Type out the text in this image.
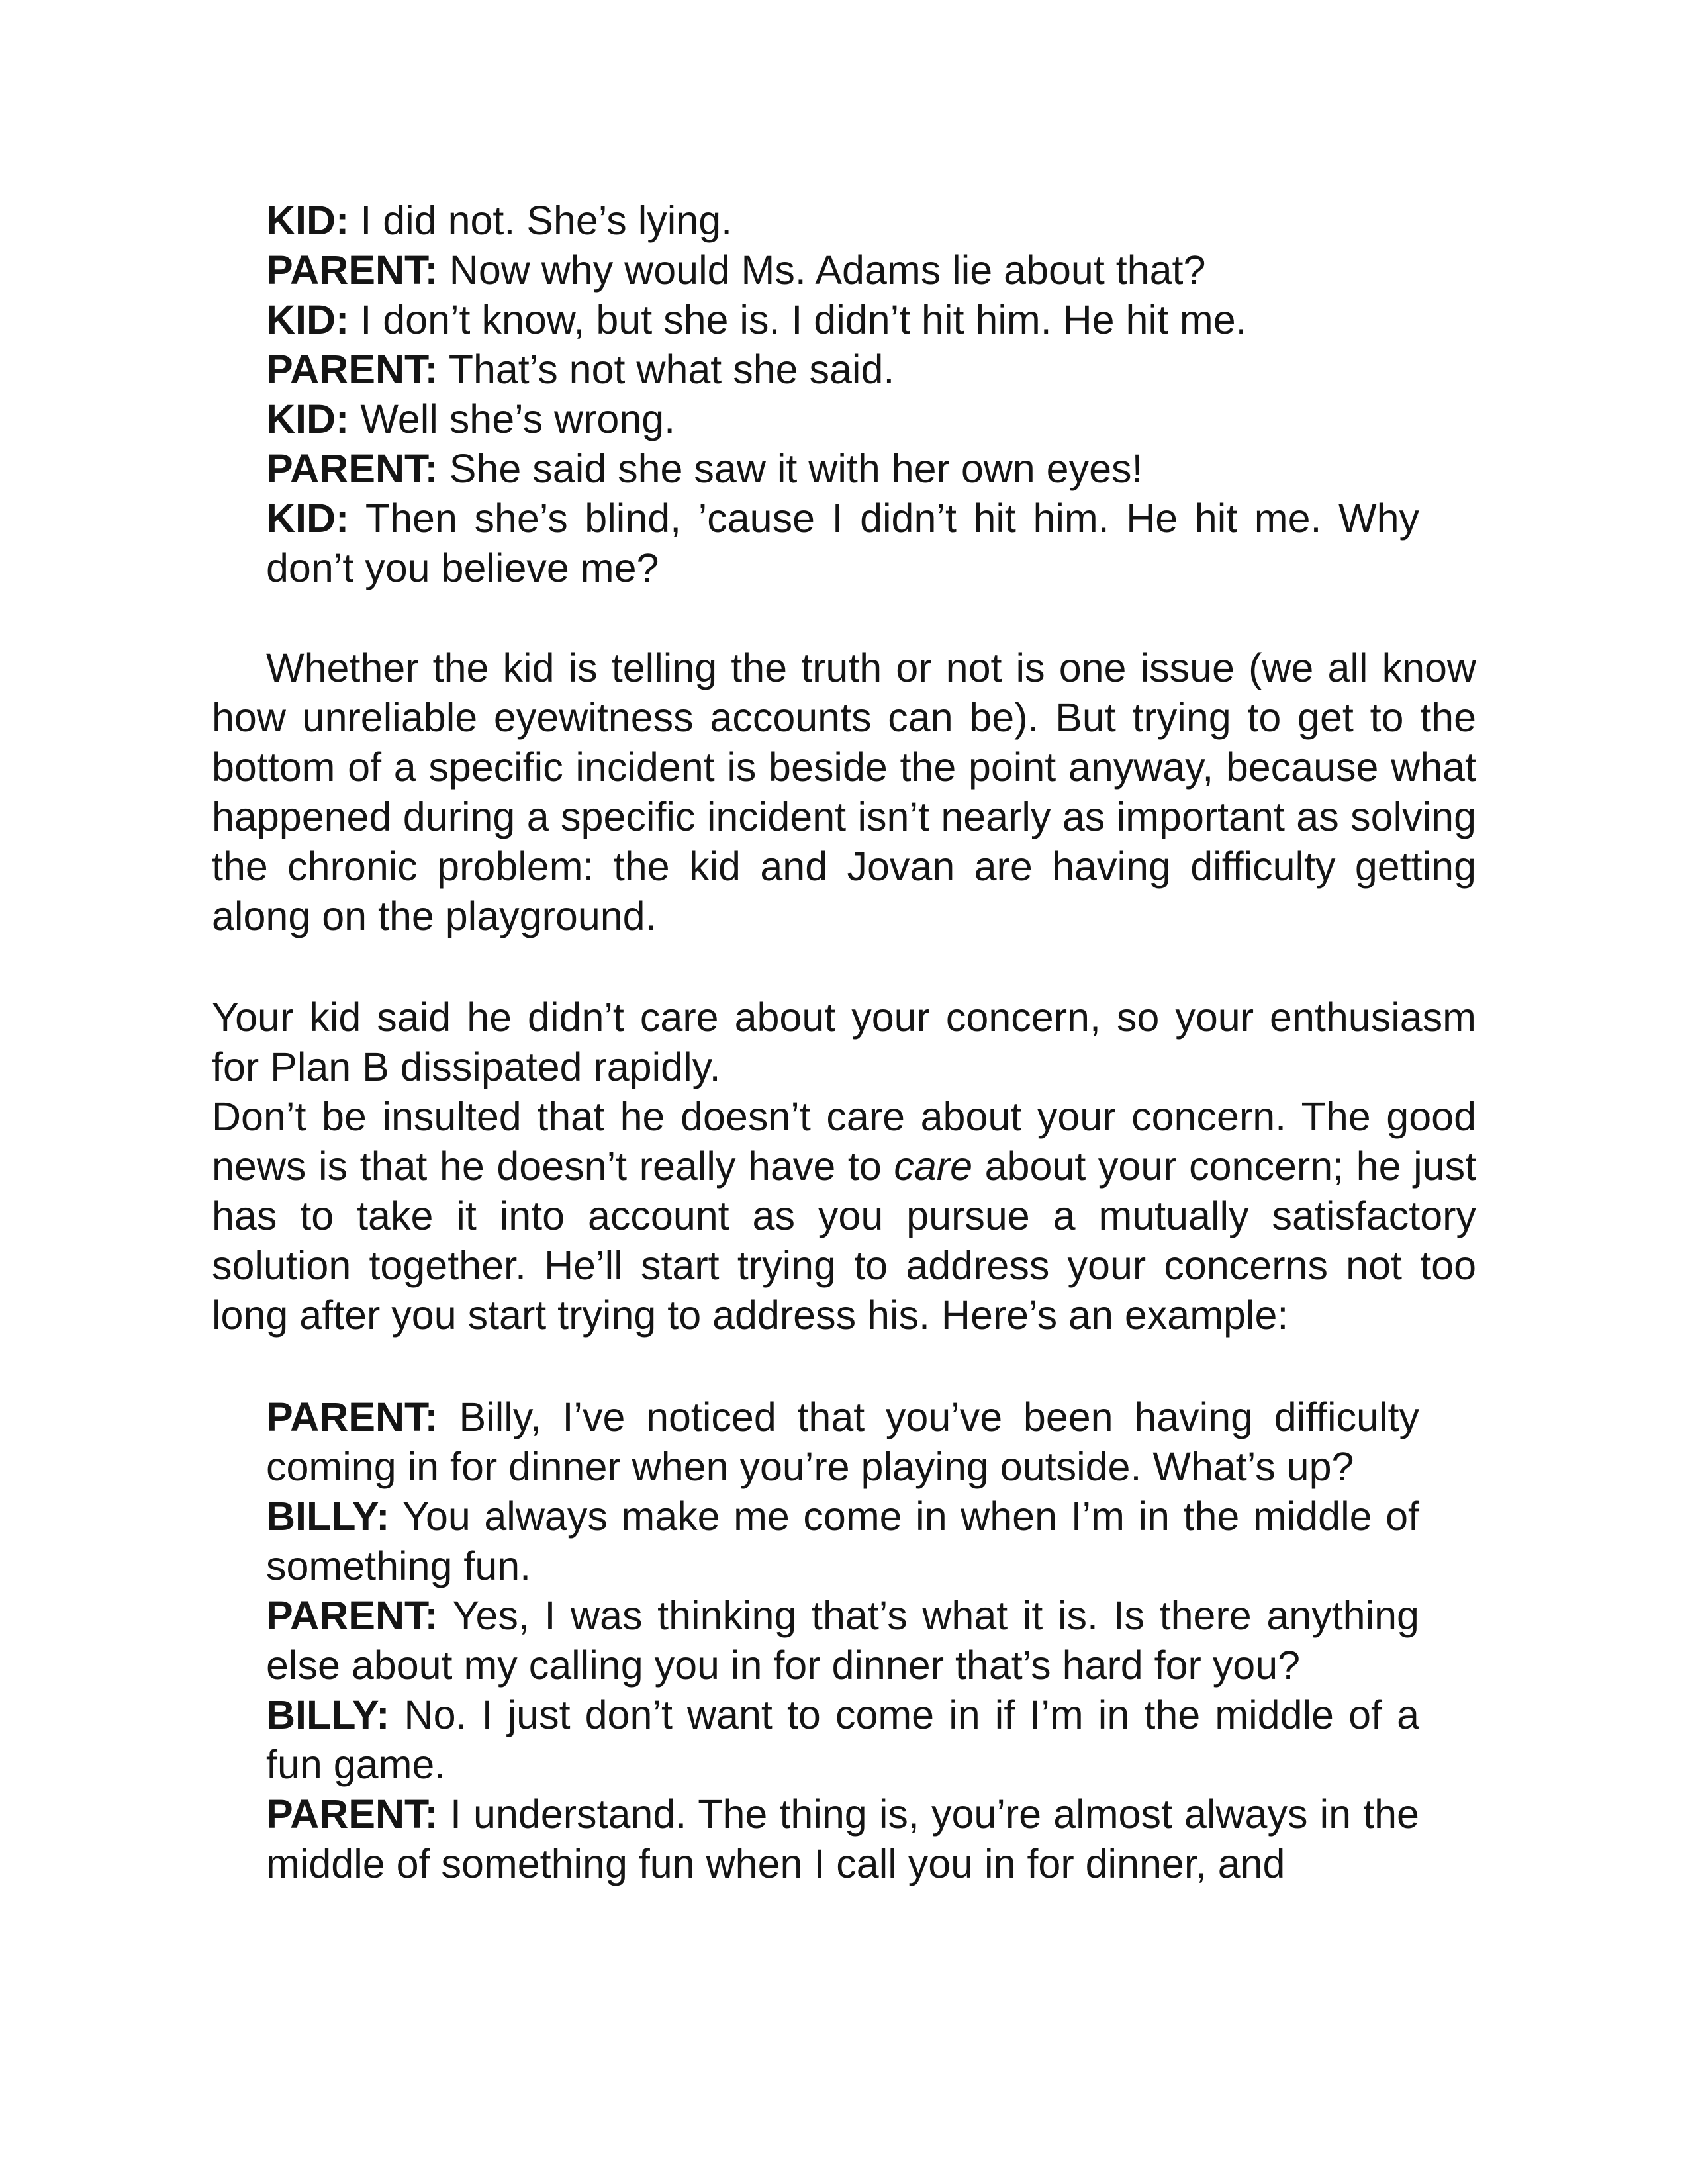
KID: I did not. She’s lying.

PARENT: Now why would Ms. Adams lie about that?

KID: I don’t know, but she is. I didn’t hit him. He hit me.

PARENT: That’s not what she said.

KID: Well she’s wrong.

PARENT: She said she saw it with her own eyes!

KID: Then she’s blind, ’cause I didn’t hit him. He hit me. Why don’t you believe me?

Whether the kid is telling the truth or not is one issue (we all know how unreliable eyewitness accounts can be). But trying to get to the bottom of a specific incident is beside the point anyway, because what happened during a specific incident isn’t nearly as important as solving the chronic problem: the kid and Jovan are having difficulty getting along on the playground.

Your kid said he didn’t care about your concern, so your enthusiasm for Plan B dissipated rapidly.

Don’t be insulted that he doesn’t care about your concern. The good news is that he doesn’t really have to care about your concern; he just has to take it into account as you pursue a mutually satisfactory solution together. He’ll start trying to address your concerns not too long after you start trying to address his. Here’s an example:

PARENT: Billy, I’ve noticed that you’ve been having difficulty coming in for dinner when you’re playing outside. What’s up?

BILLY: You always make me come in when I’m in the middle of something fun.

PARENT: Yes, I was thinking that’s what it is. Is there anything else about my calling you in for dinner that’s hard for you?

BILLY: No. I just don’t want to come in if I’m in the middle of a fun game.

PARENT: I understand. The thing is, you’re almost always in the middle of something fun when I call you in for dinner, and
